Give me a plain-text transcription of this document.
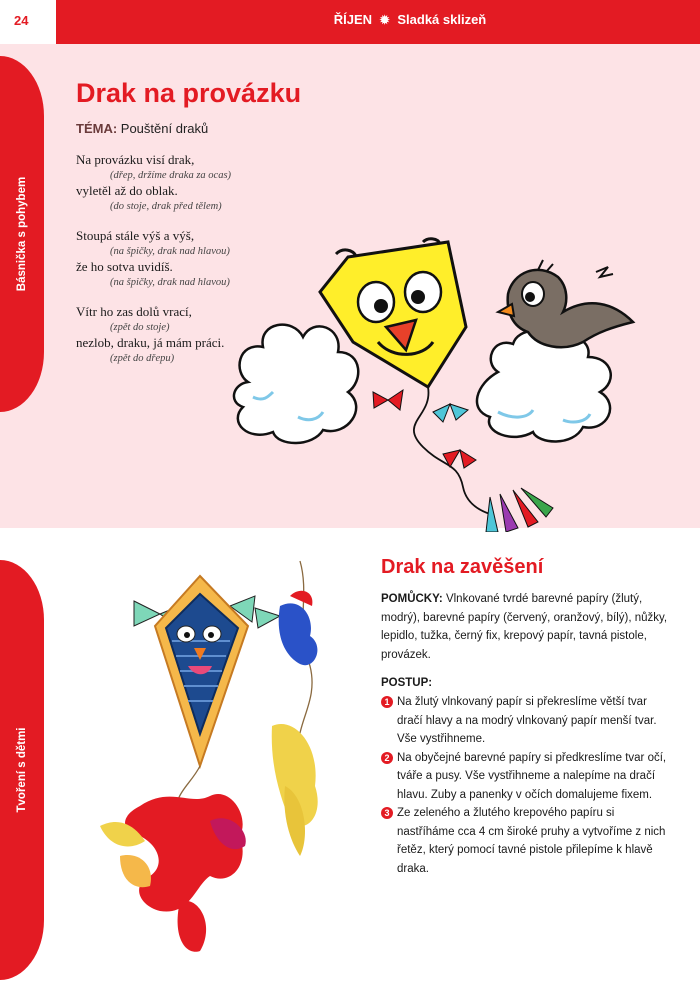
24	ŘÍJEN ✹ Sladká sklizeň
Básnička s pohybem
Tvoření s dětmi
Drak na provázku
TÉMA: Pouštění draků
Na provázku visí drak,
(dřep, držíme draka za ocas)
vyletěl až do oblak.
(do stoje, drak před tělem)
Stoupá stále výš a výš,
(na špičky, drak nad hlavou)
že ho sotva uvidíš.
(na špičky, drak nad hlavou)
Vítr ho zas dolů vrací,
(zpět do stoje)
nezlob, draku, já mám práci.
(zpět do dřepu)
Drak na zavěšení
POMŮCKY: Vlnkované tvrdé barevné papíry (žlutý, modrý), barevné papíry (červený, oranžový, bílý), nůžky, lepidlo, tužka, černý fix, krepový papír, tavná pistole, provázek.
POSTUP:
1 Na žlutý vlnkovaný papír si překreslíme větší tvar dračí hlavy a na modrý vlnkovaný papír menší tvar. Vše vystřihneme.
2 Na obyčejné barevné papíry si předkreslíme tvar očí, tváře a pusy. Vše vystřihneme a nalepíme na dračí hlavu. Zuby a panenky v očích domalujeme fixem.
3 Ze zeleného a žlutého krepového papíru si nastříháme cca 4 cm široké pruhy a vytvoříme z nich řetěz, který pomocí tavné pistole přilepíme k hlavě draka.
